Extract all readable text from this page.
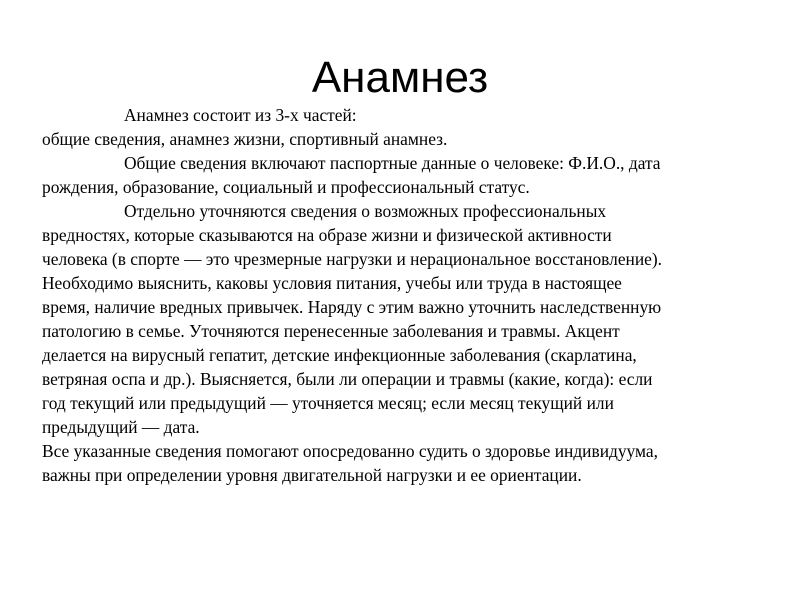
Анамнез
Анамнез состоит из 3-х частей:
общие сведения, анамнез жизни, спортивный анамнез.
Общие сведения включают паспортные данные о человеке: Ф.И.О., дата
рождения, образование, социальный и профессиональный статус.
Отдельно уточняются сведения о возможных профессиональных
вредностях, которые сказываются на образе жизни и физической активности
человека (в спорте — это чрезмерные нагрузки и нерациональное восстановление).
Необходимо выяснить, каковы условия питания, учебы или труда в настоящее
время, наличие вредных привычек. Наряду с этим важно уточнить наследственную
патологию в семье. Уточняются перенесенные заболевания и травмы. Акцент
делается на вирусный гепатит, детские инфекционные заболевания (скарлатина,
ветряная оспа и др.). Выясняется, были ли операции и травмы (какие, когда): если
год текущий или предыдущий — уточняется месяц; если месяц текущий или
предыдущий — дата.
Все указанные сведения помогают опосредованно судить о здоровье индивидуума,
важны при определении уровня двигательной нагрузки и ее ориентации.
